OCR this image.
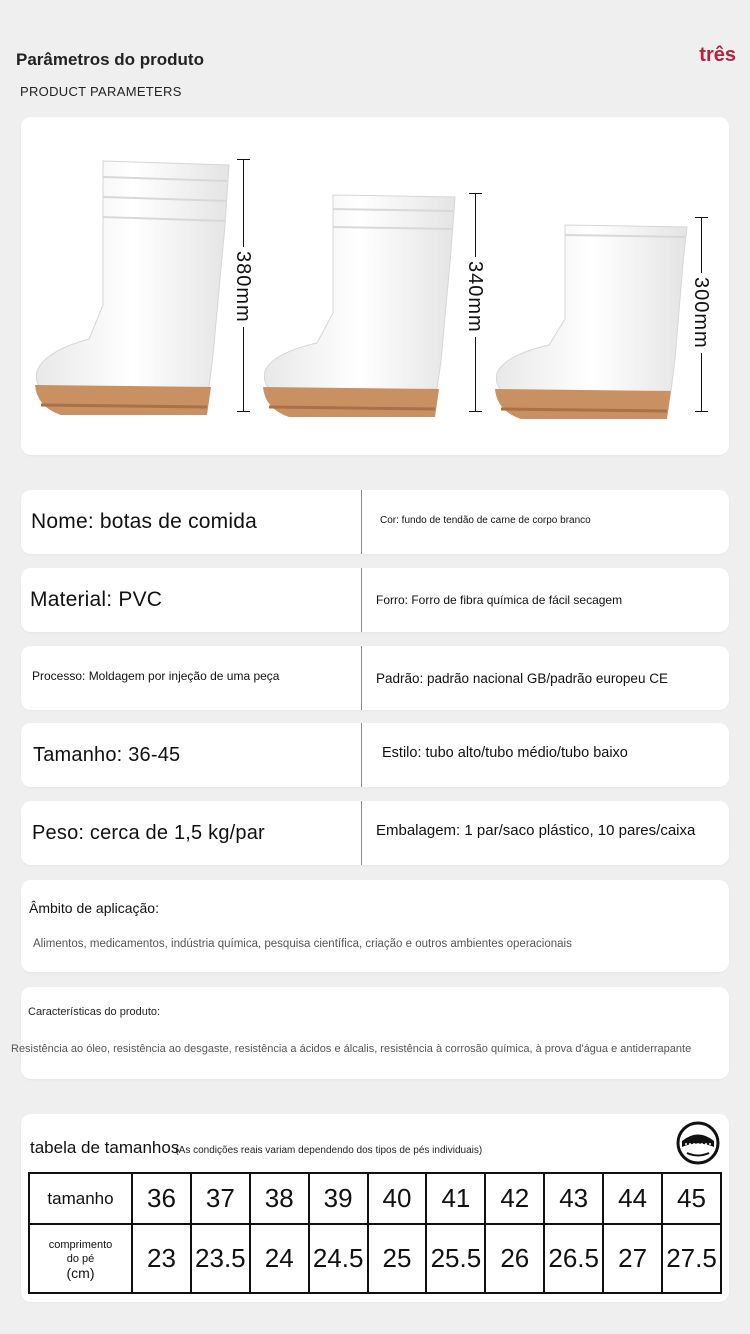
Parâmetros do produto
PRODUCT PARAMETERS
três
380mm	340mm	300mm
Nome: botas de comida	Cor: fundo de tendão de carne de corpo branco
Material: PVC	Forro: Forro de fibra química de fácil secagem
Processo: Moldagem por injeção de uma peça	Padrão: padrão nacional GB/padrão europeu CE
Tamanho: 36-45	Estilo: tubo alto/tubo médio/tubo baixo
Peso: cerca de 1,5 kg/par	Embalagem: 1 par/saco plástico, 10 pares/caixa
Âmbito de aplicação:
Alimentos, medicamentos, indústria química, pesquisa científica, criação e outros ambientes operacionais
Características do produto:
Resistência ao óleo, resistência ao desgaste, resistência a ácidos e álcalis, resistência à corrosão química, à prova d'água e antiderrapante
tabela de tamanhos(As condições reais variam dependendo dos tipos de pés individuais)
tamanho	36	37	38	39	40	41	42	43	44	45

comprimento
do pé
(cm)	23	23.5	24	24.5	25	25.5	26	26.5	27	27.5
